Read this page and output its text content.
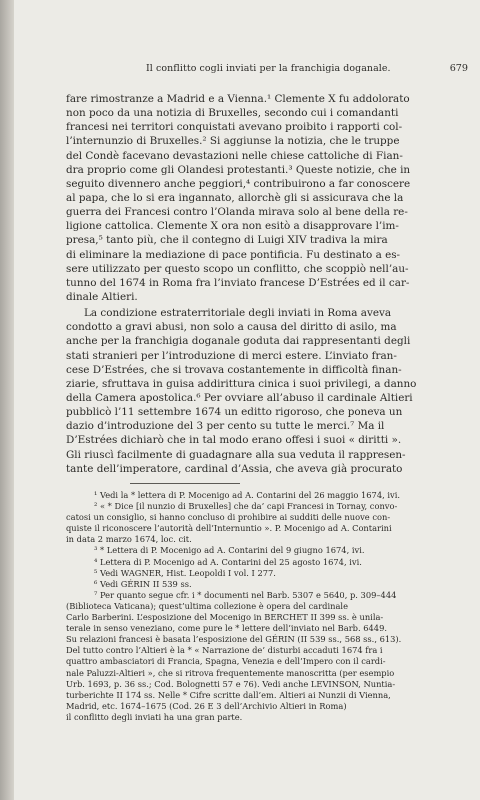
Il conflitto cogli inviati per la franchigia doganale.	679
fare rimostranze a Madrid e a Vienna.¹ Clemente X fu addolorato
non poco da una notizia di Bruxelles, secondo cui i comandanti
francesi nei territori conquistati avevano proibito i rapporti col-
l’internunzio di Bruxelles.² Si aggiunse la notizia, che le truppe
del Condè facevano devastazioni nelle chiese cattoliche di Fian-
dra proprio come gli Olandesi protestanti.³ Queste notizie, che in
seguito divennero anche peggiori,⁴ contribuirono a far conoscere
al papa, che lo si era ingannato, allorchè gli si assicurava che la
guerra dei Francesi contro l’Olanda mirava solo al bene della re-
ligione cattolica. Clemente X ora non esitò a disapprovare l’im-
presa,⁵ tanto più, che il contegno di Luigi XIV tradiva la mira
di eliminare la mediazione di pace pontificia. Fu destinato a es-
sere utilizzato per questo scopo un conflitto, che scoppiò nell’au-
tunno del 1674 in Roma fra l’inviato francese D’Estrées ed il car-
dinale Altieri.
La condizione estraterritoriale degli inviati in Roma aveva
condotto a gravi abusi, non solo a causa del diritto di asilo, ma
anche per la franchigia doganale goduta dai rappresentanti degli
stati stranieri per l’introduzione di merci estere. L’inviato fran-
cese D’Estrées, che si trovava costantemente in difficoltà finan-
ziarie, sfruttava in guisa addirittura cinica i suoi privilegi, a danno
della Camera apostolica.⁶ Per ovviare all’abuso il cardinale Altieri
pubblicò l’11 settembre 1674 un editto rigoroso, che poneva un
dazio d’introduzione del 3 per cento su tutte le merci.⁷ Ma il
D’Estrées dichiarò che in tal modo erano offesi i suoi « diritti ».
Gli riuscì facilmente di guadagnare alla sua veduta il rappresen-
tante dell’imperatore, cardinal d’Assia, che aveva già procurato
¹ Vedi la * lettera di P. Mocenigo ad A. Contarini del 26 maggio 1674, ivi.
² « * Dice [il nunzio di Bruxelles] che da’ capi Francesi in Tornay, convo-
catosi un consiglio, si hanno concluso di prohibire ai sudditi delle nuove con-
quiste il riconoscere l’autorità dell’Internuntio ». P. Mocenigo ad A. Contarini
in data 2 marzo 1674, loc. cit.
³ * Lettera di P. Mocenigo ad A. Contarini del 9 giugno 1674, ivi.
⁴ Lettera di P. Mocenigo ad A. Contarini del 25 agosto 1674, ivi.
⁵ Vedi WAGNER, Hist. Leopoldi I vol. I 277.
⁶ Vedi GÉRIN II 539 ss.
⁷ Per quanto segue cfr. i * documenti nel Barb. 5307 e 5640, p. 309–444
(Biblioteca Vaticana); quest’ultima collezione è opera del cardinale
Carlo Barberini. L’esposizione del Mocenigo in BERCHET II 399 ss. è unila-
terale in senso veneziano, come pure le * lettere dell’inviato nel Barb. 6449.
Su relazioni francesi è basata l’esposizione del GÉRIN (II 539 ss., 568 ss., 613).
Del tutto contro l’Altieri è la * « Narrazione de’ disturbi accaduti 1674 fra i
quattro ambasciatori di Francia, Spagna, Venezia e dell’Impero con il cardi-
nale Paluzzi-Altieri », che si ritrova frequentemente manoscritta (per esempio
Urb. 1693, p. 36 ss.; Cod. Bolognetti 57 e 76). Vedi anche LEVINSON, Nuntia-
turberichte II 174 ss. Nelle * Cifre scritte dall’em. Altieri ai Nunzii di Vienna,
Madrid, etc. 1674–1675 (Cod. 26 E 3 dell’Archivio Altieri in Roma)
il conflitto degli inviati ha una gran parte.
